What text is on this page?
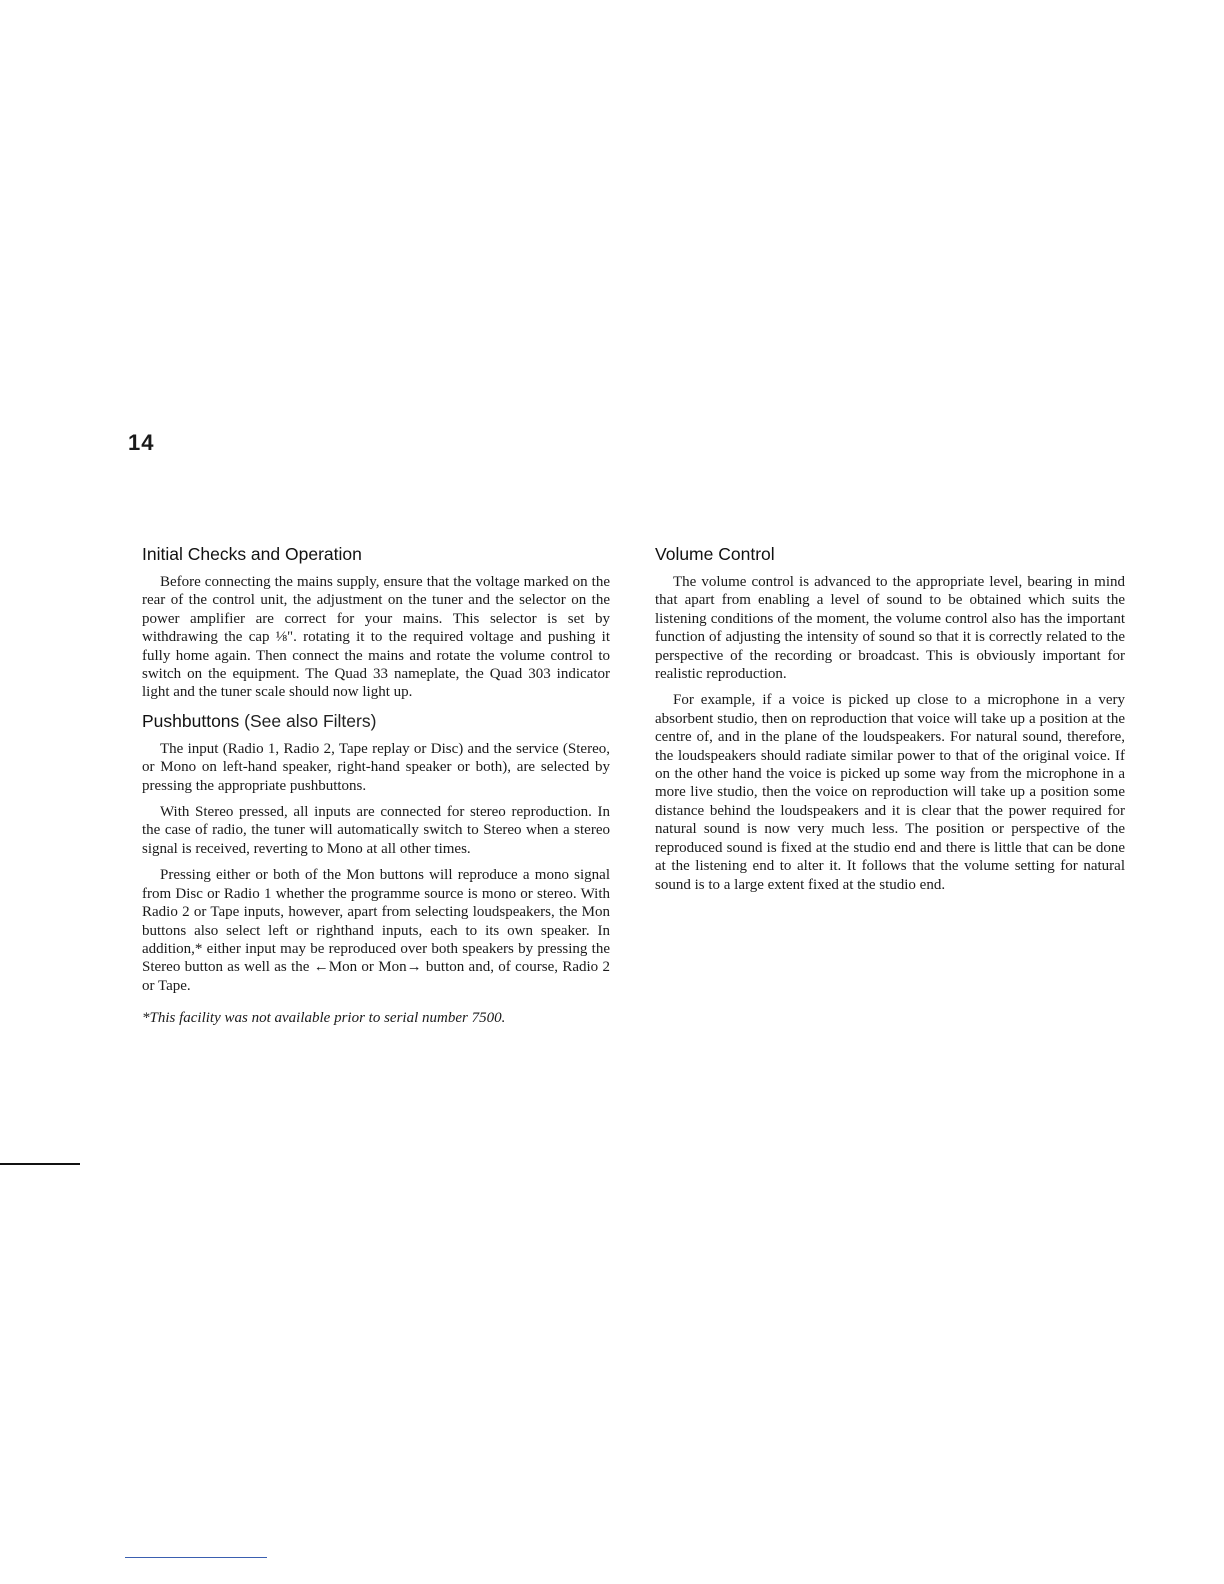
14
Initial Checks and Operation

Before connecting the mains supply, ensure that the voltage marked on the rear of the control unit, the adjustment on the tuner and the selector on the power amplifier are correct for your mains. This selector is set by withdrawing the cap ⅛". rotating it to the required voltage and pushing it fully home again. Then connect the mains and rotate the volume control to switch on the equipment. The Quad 33 nameplate, the Quad 303 indicator light and the tuner scale should now light up.

Pushbuttons (See also Filters)

The input (Radio 1, Radio 2, Tape replay or Disc) and the service (Stereo, or Mono on left-hand speaker, right-hand speaker or both), are selected by pressing the appropriate pushbuttons.

With Stereo pressed, all inputs are connected for stereo reproduction. In the case of radio, the tuner will automatically switch to Stereo when a stereo signal is received, reverting to Mono at all other times.

Pressing either or both of the Mon buttons will reproduce a mono signal from Disc or Radio 1 whether the programme source is mono or stereo. With Radio 2 or Tape inputs, however, apart from selecting loudspeakers, the Mon buttons also select left or righthand inputs, each to its own speaker. In addition,* either input may be reproduced over both speakers by pressing the Stereo button as well as the ←Mon or Mon→ button and, of course, Radio 2 or Tape.

*This facility was not available prior to serial number 7500.

Volume Control

The volume control is advanced to the appropriate level, bearing in mind that apart from enabling a level of sound to be obtained which suits the listening conditions of the moment, the volume control also has the important function of adjusting the intensity of sound so that it is correctly related to the perspective of the recording or broadcast. This is obviously important for realistic reproduction.

For example, if a voice is picked up close to a microphone in a very absorbent studio, then on reproduction that voice will take up a position at the centre of, and in the plane of the loudspeakers. For natural sound, therefore, the loudspeakers should radiate similar power to that of the original voice. If on the other hand the voice is picked up some way from the microphone in a more live studio, then the voice on reproduction will take up a position some distance behind the loudspeakers and it is clear that the power required for natural sound is now very much less. The position or perspective of the reproduced sound is fixed at the studio end and there is little that can be done at the listening end to alter it. It follows that the volume setting for natural sound is to a large extent fixed at the studio end.
